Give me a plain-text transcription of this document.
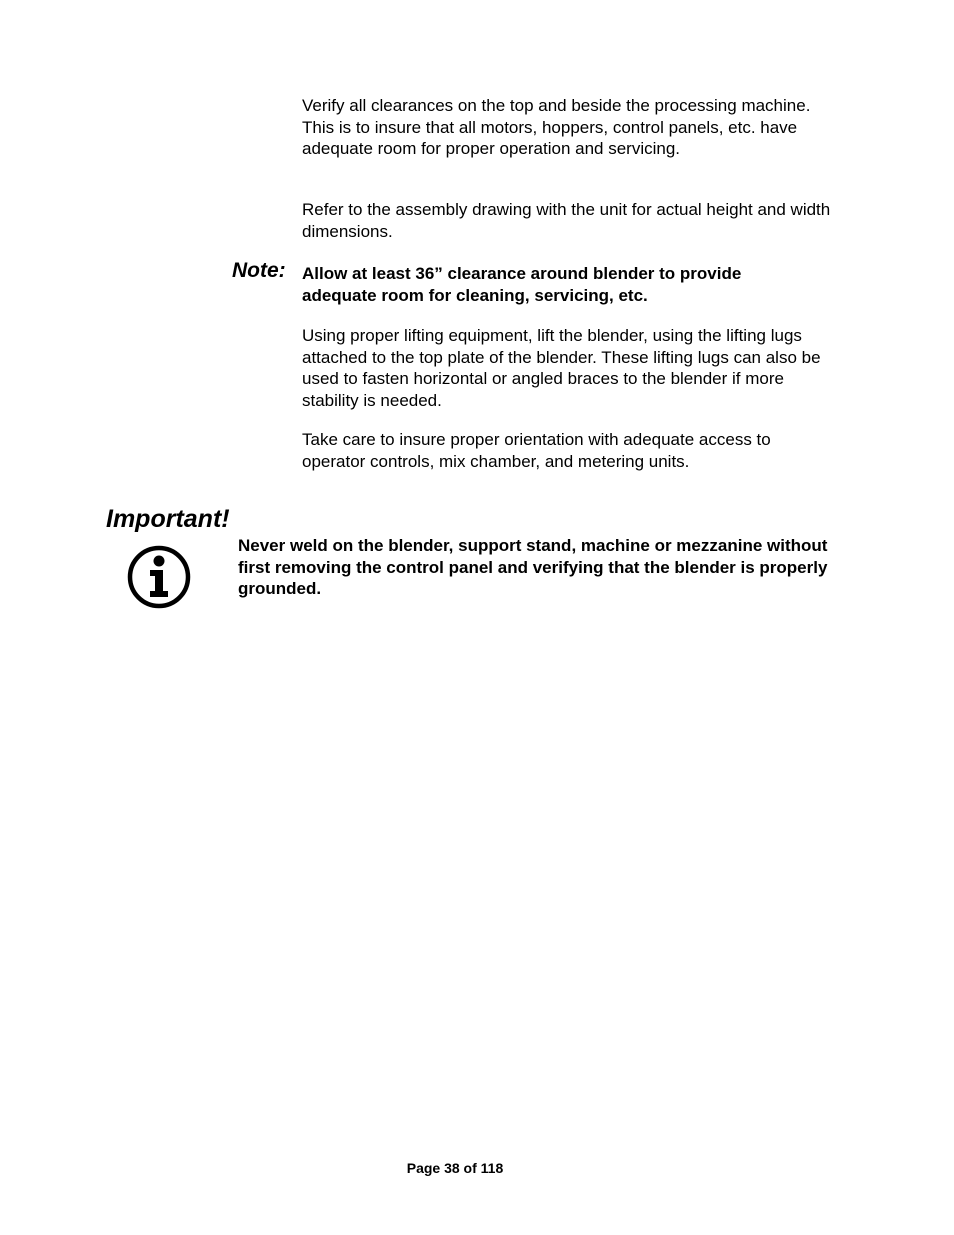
Verify all clearances on the top and beside the processing machine. This is to insure that all motors, hoppers, control panels, etc. have adequate room for proper operation and servicing.

Refer to the assembly drawing with the unit for actual height and width dimensions.

Note: Allow at least 36” clearance around blender to provide adequate room for cleaning, servicing, etc.

Using proper lifting equipment, lift the blender, using the lifting lugs attached to the top plate of the blender. These lifting lugs can also be used to fasten horizontal or angled braces to the blender if more stability is needed.

Take care to insure proper orientation with adequate access to operator controls, mix chamber, and metering units.

Important!

Never weld on the blender, support stand, machine or mezzanine without first removing the control panel and verifying that the blender is properly grounded.

Page 38 of 118
